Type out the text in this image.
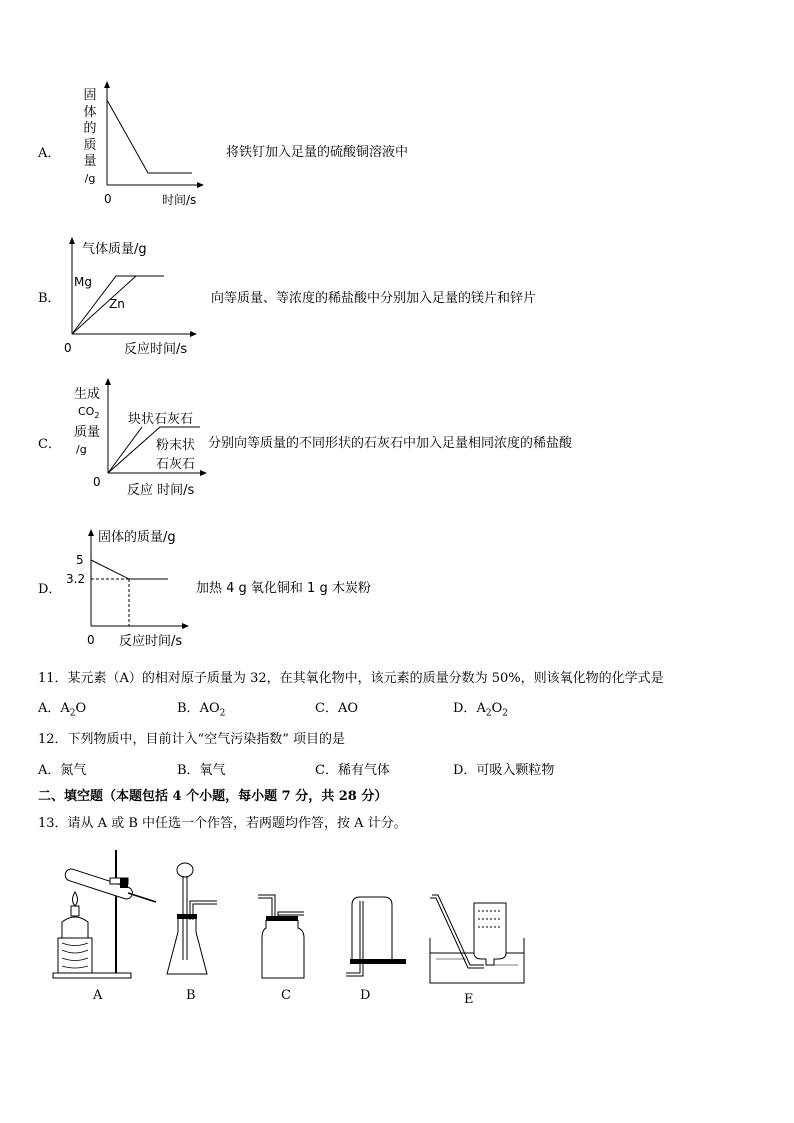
A．
固
体
的
质
量
/g
0	时间/s
将铁钉加入足量的硫酸铜溶液中
B．
气体质量/g
Mg
Zn
0	反应时间/s
向等质量、等浓度的稀盐酸中分别加入足量的镁片和锌片
C．
生成
$CO_2$
质量
/g
块状石灰石
粉末状
石灰石
0
反应 时间/s
分别向等质量的不同形状的石灰石中加入足量相同浓度的稀盐酸
D．
固体的质量/g
5
3.2
0 反应时间/s
加热 4 g 氧化铜和 1 g 木炭粉
11．某元素（A）的相对原子质量为 32，在其氧化物中，该元素的质量分数为 50%，则该氧化物的化学式是
A．$A_2O$	B．$AO_2$	C．AO	D．$A_2O_2$
12．下列物质中，目前计入“空气污染指数” 项目的是
A．氮气	B．氧气	C．稀有气体	D．可吸入颗粒物
二、填空题（本题包括 4 个小题，每小题 7 分，共 28 分）
13．请从 A 或 B 中任选一个作答，若两题均作答，按 A 计分。
A	B	C	D	E
